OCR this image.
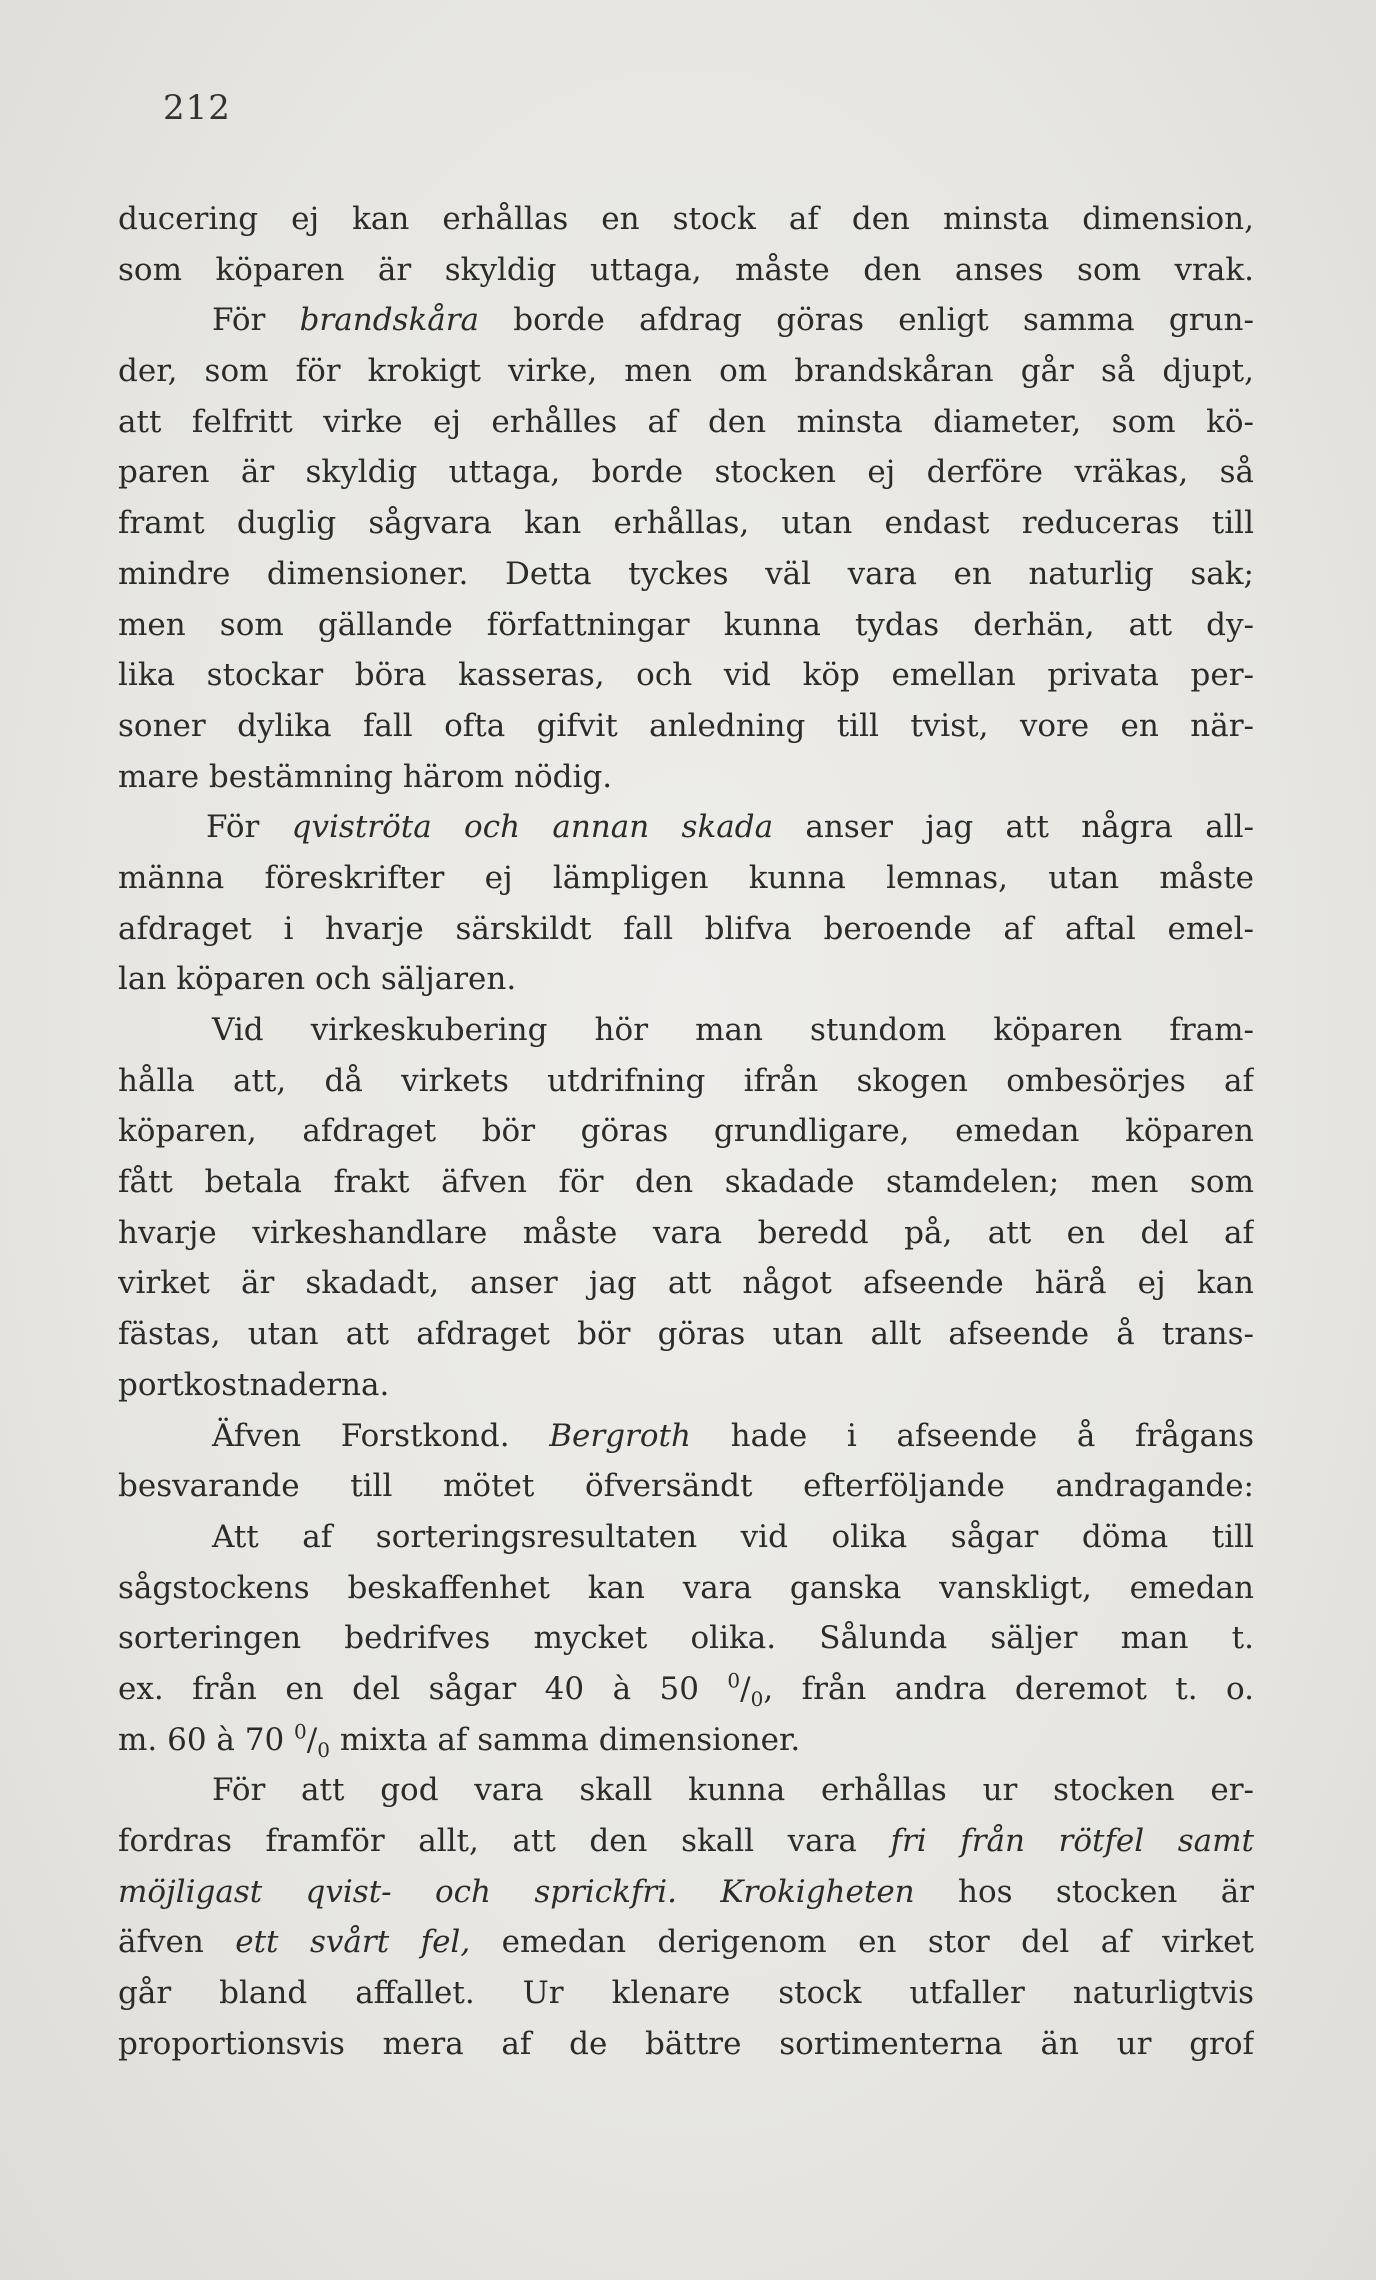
212
ducering ej kan erhållas en stock af den minsta dimension,
som köparen är skyldig uttaga, måste den anses som vrak.
För brandskåra borde afdrag göras enligt samma grun-
der, som för krokigt virke, men om brandskåran går så djupt,
att felfritt virke ej erhålles af den minsta diameter, som kö-
paren är skyldig uttaga, borde stocken ej derföre vräkas, så
framt duglig sågvara kan erhållas, utan endast reduceras till
mindre dimensioner. Detta tyckes väl vara en naturlig sak;
men som gällande författningar kunna tydas derhän, att dy-
lika stockar böra kasseras, och vid köp emellan privata per-
soner dylika fall ofta gifvit anledning till tvist, vore en när-
mare bestämning härom nödig.
För qviströta och annan skada anser jag att några all-
männa föreskrifter ej lämpligen kunna lemnas, utan måste
afdraget i hvarje särskildt fall blifva beroende af aftal emel-
lan köparen och säljaren.
Vid virkeskubering hör man stundom köparen fram-
hålla att, då virkets utdrifning ifrån skogen ombesörjes af
köparen, afdraget bör göras grundligare, emedan köparen
fått betala frakt äfven för den skadade stamdelen; men som
hvarje virkeshandlare måste vara beredd på, att en del af
virket är skadadt, anser jag att något afseende härå ej kan
fästas, utan att afdraget bör göras utan allt afseende å trans-
portkostnaderna.
Äfven Forstkond. Bergroth hade i afseende å frågans
besvarande till mötet öfversändt efterföljande andragande:
Att af sorteringsresultaten vid olika sågar döma till
sågstockens beskaffenhet kan vara ganska vanskligt, emedan
sorteringen bedrifves mycket olika. Sålunda säljer man t.
ex. från en del sågar 40 à 50 $^0/_0$, från andra deremot t. o.
m. 60 à 70 $^0/_0$ mixta af samma dimensioner.
För att god vara skall kunna erhållas ur stocken er-
fordras framför allt, att den skall vara fri från rötfel samt
möjligast qvist- och sprickfri. Krokigheten hos stocken är
äfven ett svårt fel, emedan derigenom en stor del af virket
går bland affallet. Ur klenare stock utfaller naturligtvis
proportionsvis mera af de bättre sortimenterna än ur grof
